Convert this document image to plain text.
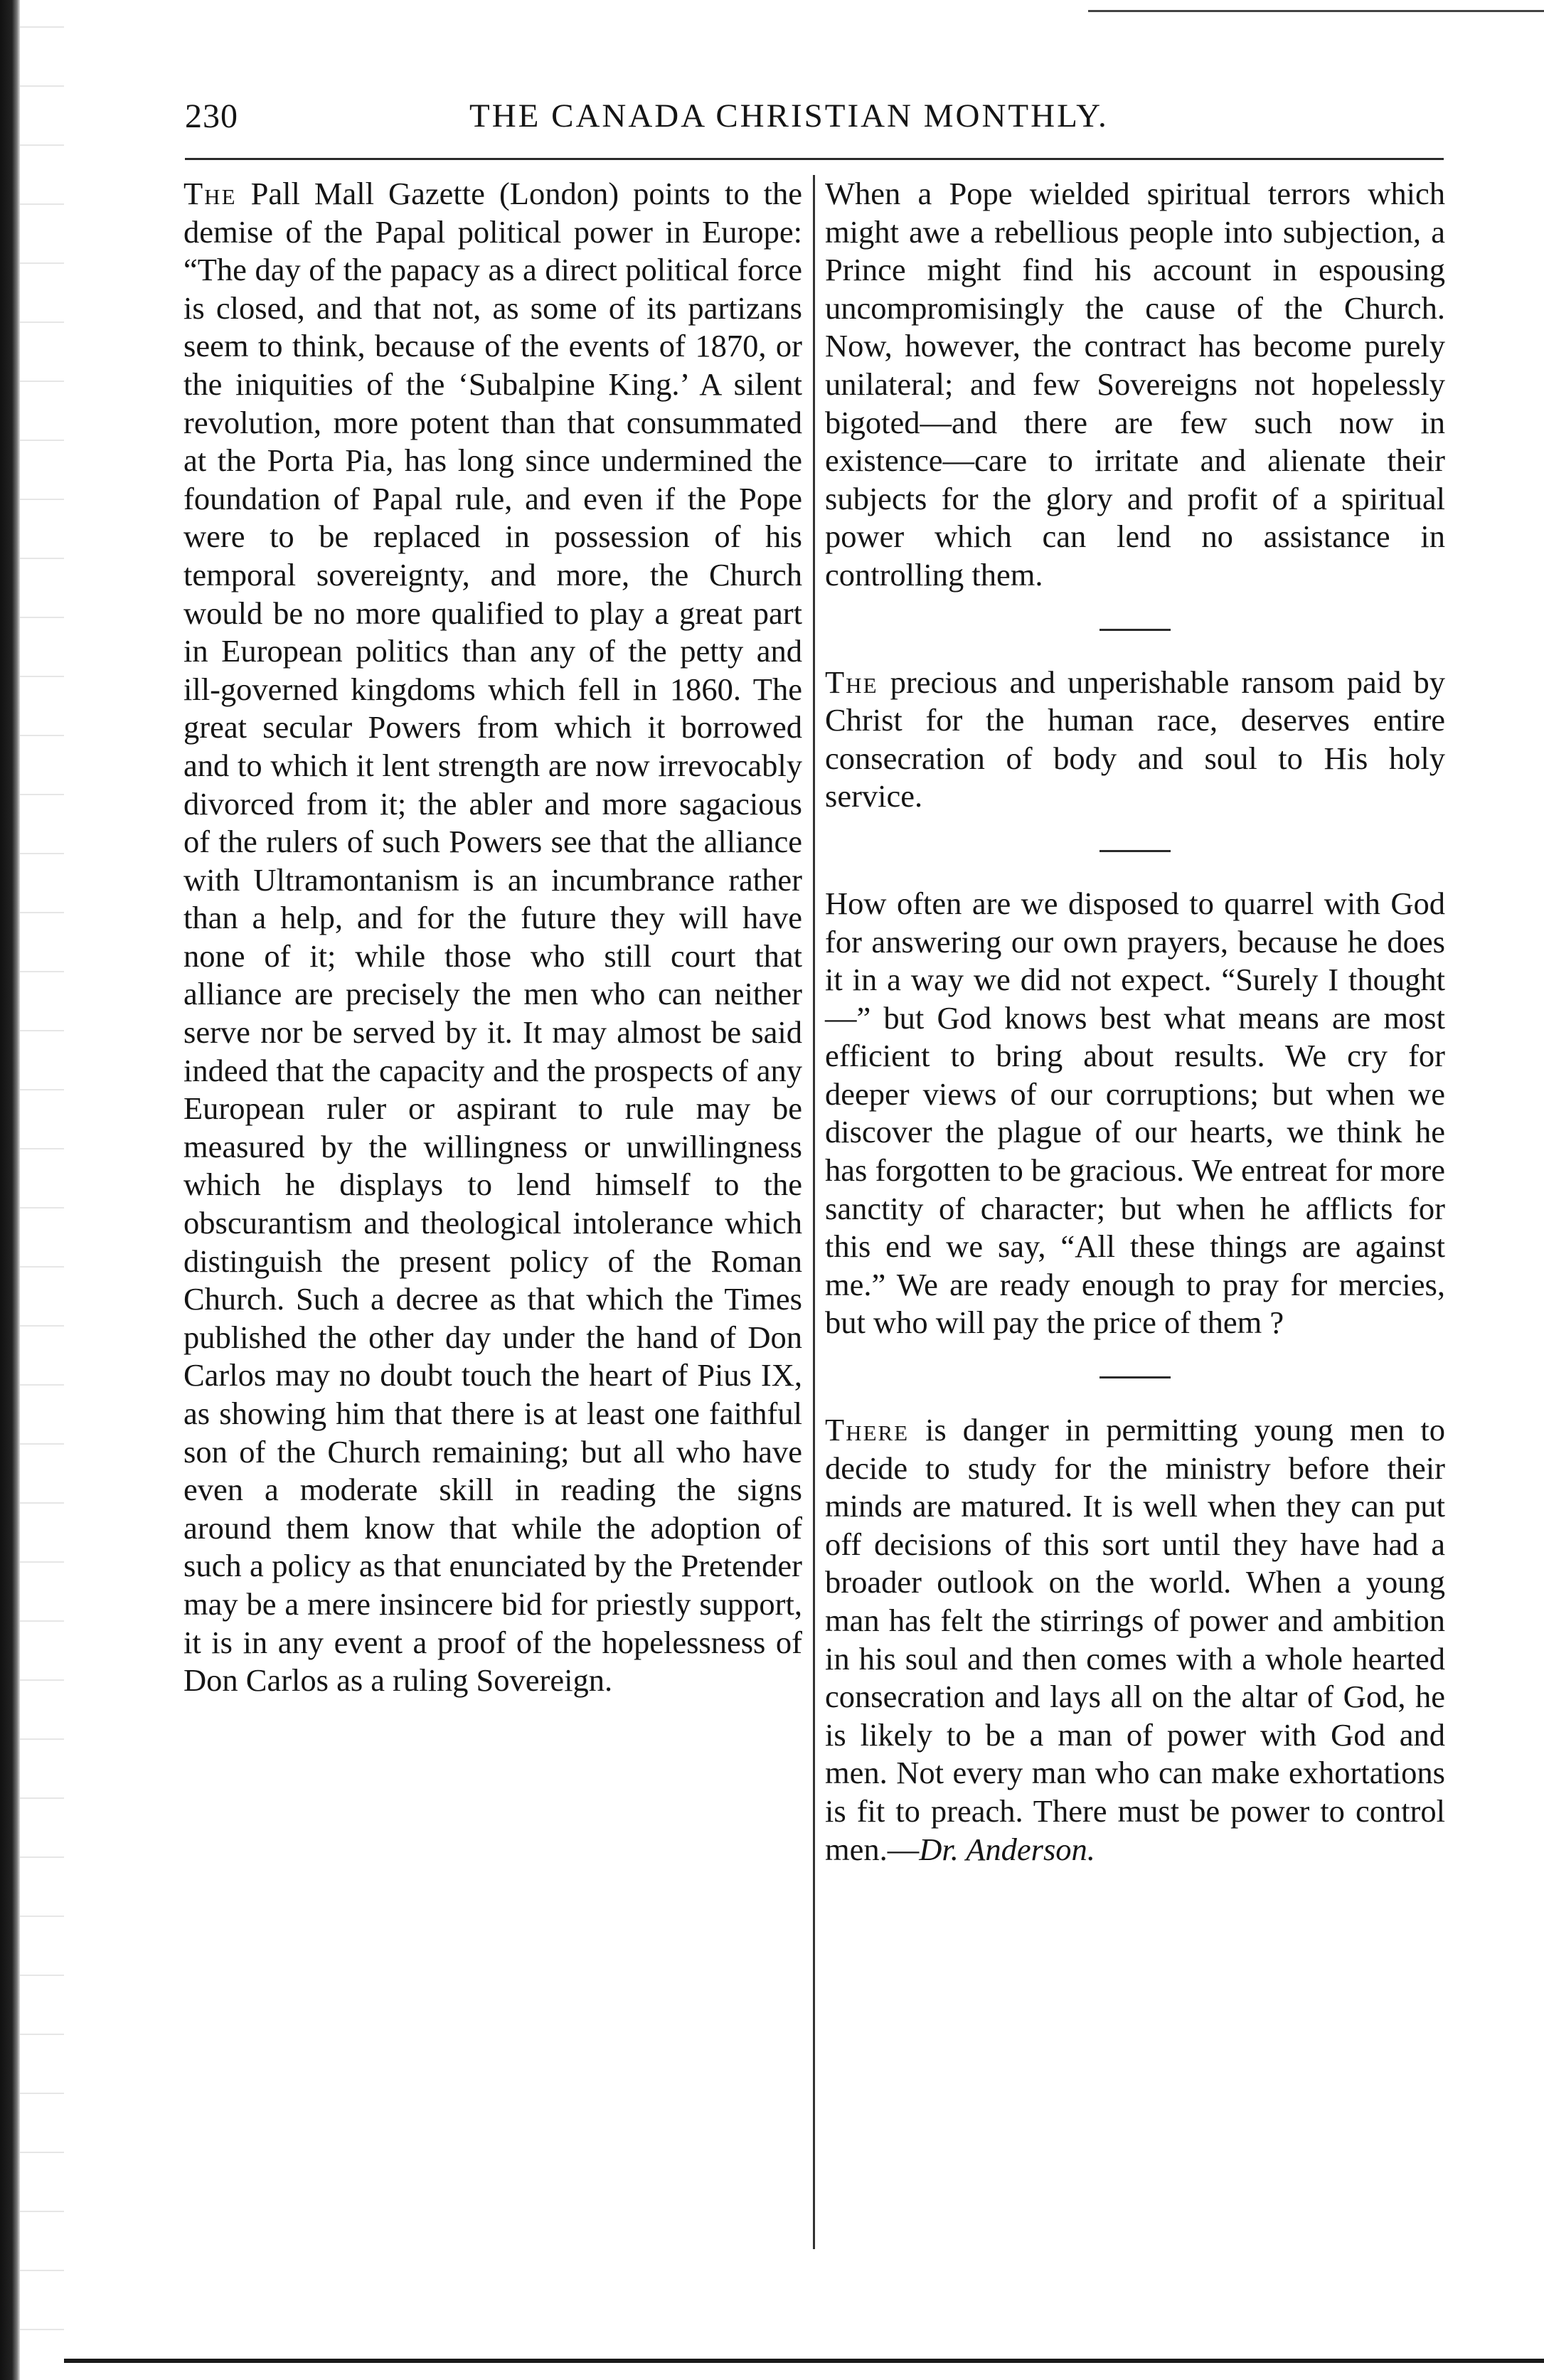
230	THE CANADA CHRISTIAN MONTHLY.

The Pall Mall Gazette (London) points to the demise of the Papal political power in Europe: “The day of the papacy as a direct political force is closed, and that not, as some of its partizans seem to think, because of the events of 1870, or the iniquities of the ‘Subalpine King.’ A silent revolution, more potent than that consummated at the Porta Pia, has long since undermined the foundation of Papal rule, and even if the Pope were to be replaced in possession of his temporal sovereignty, and more, the Church would be no more qualified to play a great part in European politics than any of the petty and ill-governed kingdoms which fell in 1860. The great secular Powers from which it borrowed and to which it lent strength are now irrevocably divorced from it; the abler and more sagacious of the rulers of such Powers see that the alliance with Ultramontanism is an incumbrance rather than a help, and for the future they will have none of it; while those who still court that alliance are precisely the men who can neither serve nor be served by it. It may almost be said indeed that the capacity and the prospects of any European ruler or aspirant to rule may be measured by the willingness or unwillingness which he displays to lend himself to the obscurantism and theological intolerance which distinguish the present policy of the Roman Church. Such a decree as that which the Times published the other day under the hand of Don Carlos may no doubt touch the heart of Pius IX, as showing him that there is at least one faithful son of the Church remaining; but all who have even a moderate skill in reading the signs around them know that while the adoption of such a policy as that enunciated by the Pretender may be a mere insincere bid for priestly support, it is in any event a proof of the hopelessness of Don Carlos as a ruling Sovereign.

When a Pope wielded spiritual terrors which might awe a rebellious people into subjection, a Prince might find his account in espousing uncompromisingly the cause of the Church. Now, however, the contract has become purely unilateral; and few Sovereigns not hopelessly bigoted—and there are few such now in existence—care to irritate and alienate their subjects for the glory and profit of a spiritual power which can lend no assistance in controlling them.

The precious and unperishable ransom paid by Christ for the human race, deserves entire consecration of body and soul to His holy service.

How often are we disposed to quarrel with God for answering our own prayers, because he does it in a way we did not expect. “Surely I thought—” but God knows best what means are most efficient to bring about results. We cry for deeper views of our corruptions; but when we discover the plague of our hearts, we think he has forgotten to be gracious. We entreat for more sanctity of character; but when he afflicts for this end we say, “All these things are against me.” We are ready enough to pray for mercies, but who will pay the price of them ?

There is danger in permitting young men to decide to study for the ministry before their minds are matured. It is well when they can put off decisions of this sort until they have had a broader outlook on the world. When a young man has felt the stirrings of power and ambition in his soul and then comes with a whole hearted consecration and lays all on the altar of God, he is likely to be a man of power with God and men. Not every man who can make exhortations is fit to preach. There must be power to control men.—Dr. Anderson.
